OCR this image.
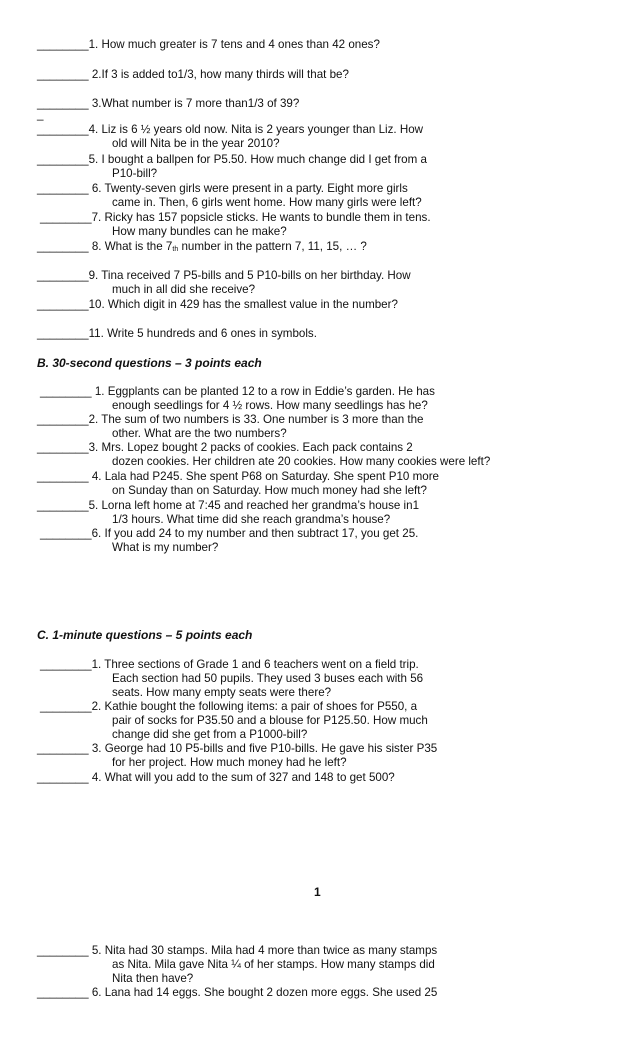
________1. How much greater is 7 tens and 4 ones than 42 ones?
________ 2.If 3 is added to1/3, how many thirds will that be?
________ 3.What number is 7 more than1/3 of 39?
_
________4. Liz is 6 ½ years old now. Nita is 2 years younger than Liz. How
old will Nita be in the year 2010?
________5. I bought a ballpen for P5.50. How much change did I get from a
P10-bill?
________ 6. Twenty-seven girls were present in a party. Eight more girls
came in. Then, 6 girls went home. How many girls were left?
________7. Ricky has 157 popsicle sticks. He wants to bundle them in tens.
How many bundles can he make?
________ 8. What is the $7_{th}$ number in the pattern 7, 11, 15, … ?
________9. Tina received 7 P5-bills and 5 P10-bills on her birthday. How
much in all did she receive?
________10. Which digit in 429 has the smallest value in the number?
________11. Write 5 hundreds and 6 ones in symbols.
B. 30-second questions – 3 points each
________ 1. Eggplants can be planted 12 to a row in Eddie’s garden. He has
enough seedlings for 4 ½ rows. How many seedlings has he?
________2. The sum of two numbers is 33. One number is 3 more than the
other. What are the two numbers?
________3. Mrs. Lopez bought 2 packs of cookies. Each pack contains 2
dozen cookies. Her children ate 20 cookies. How many cookies were left?
________ 4. Lala had P245. She spent P68 on Saturday. She spent P10 more
on Sunday than on Saturday. How much money had she left?
________5. Lorna left home at 7:45 and reached her grandma’s house in1
1/3 hours. What time did she reach grandma’s house?
________6. If you add 24 to my number and then subtract 17, you get 25.
What is my number?
C. 1-minute questions – 5 points each
________1. Three sections of Grade 1 and 6 teachers went on a field trip.
Each section had 50 pupils. They used 3 buses each with 56
seats. How many empty seats were there?
________2. Kathie bought the following items: a pair of shoes for P550, a
pair of socks for P35.50 and a blouse for P125.50. How much
change did she get from a P1000-bill?
________ 3. George had 10 P5-bills and five P10-bills. He gave his sister P35
for her project. How much money had he left?
________ 4. What will you add to the sum of 327 and 148 to get 500?
1
________ 5. Nita had 30 stamps. Mila had 4 more than twice as many stamps
as Nita. Mila gave Nita ¼ of her stamps. How many stamps did
Nita then have?
________ 6. Lana had 14 eggs. She bought 2 dozen more eggs. She used 25
